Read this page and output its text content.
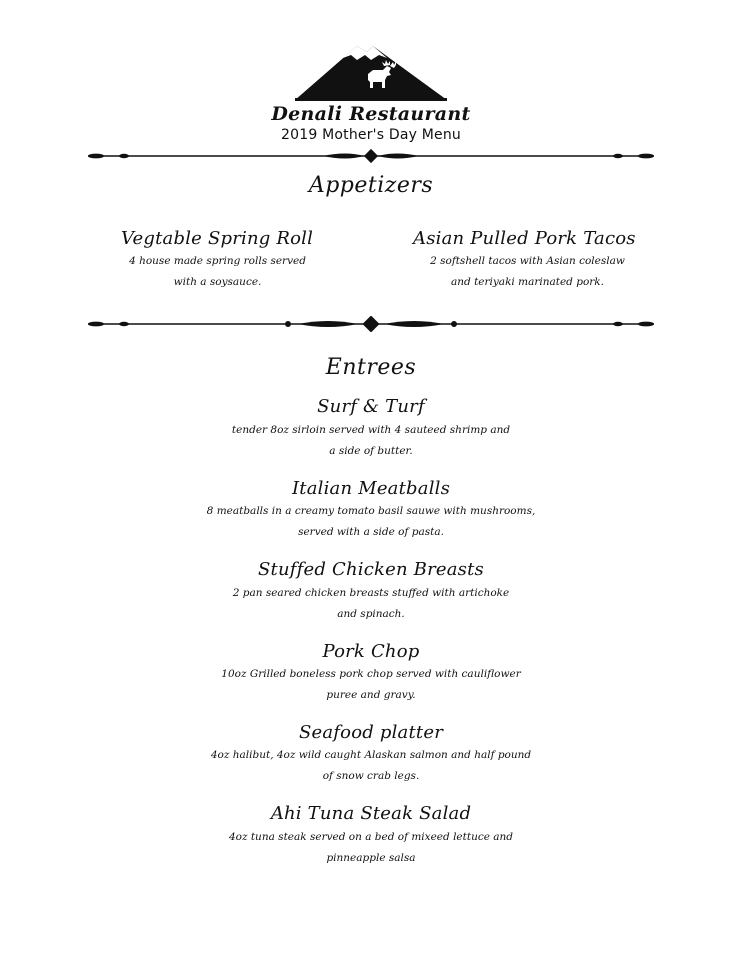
Denali Restaurant
2019 Mother's Day Menu
Appetizers
Vegtable Spring Roll
4 house made spring rolls served
with a soysauce.
Asian Pulled Pork Tacos
2 softshell tacos with Asian coleslaw
and teriyaki marinated pork.
Entrees
Surf & Turf
tender 8oz sirloin served with 4 sauteed shrimp and
a side of butter.
Italian Meatballs
8 meatballs in a creamy tomato basil sauwe with mushrooms,
served with a side of pasta.
Stuffed Chicken Breasts
2 pan seared chicken breasts stuffed with artichoke
and spinach.
Pork Chop
10oz Grilled boneless pork chop served with cauliflower
puree and gravy.
Seafood platter
4oz halibut, 4oz wild caught Alaskan salmon and half pound
of snow crab legs.
Ahi Tuna Steak Salad
4oz tuna steak served on a bed of mixeed lettuce and
pinneapple salsa
